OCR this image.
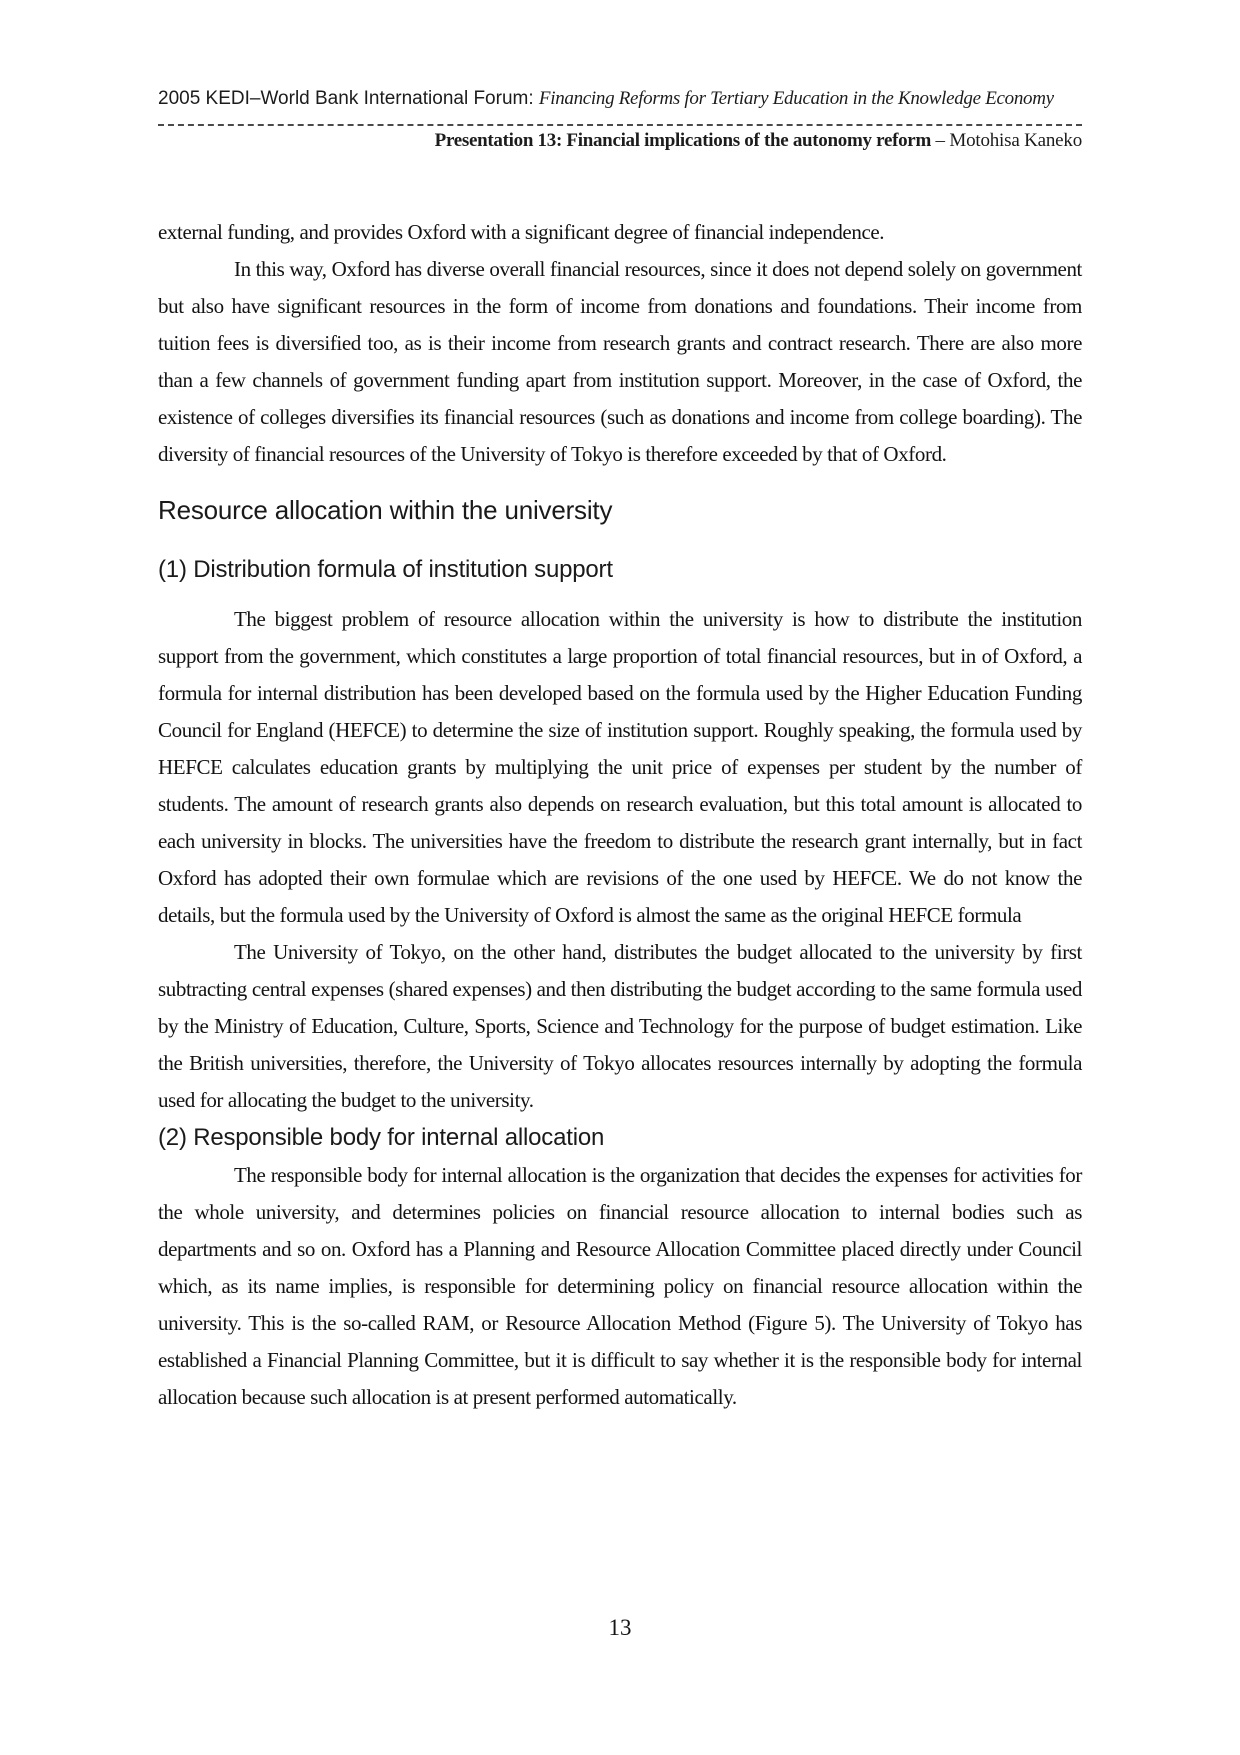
2005 KEDI–World Bank International Forum: Financing Reforms for Tertiary Education in the Knowledge Economy
Presentation 13: Financial implications of the autonomy reform – Motohisa Kaneko

external funding, and provides Oxford with a significant degree of financial independence.

In this way, Oxford has diverse overall financial resources, since it does not depend solely on government but also have significant resources in the form of income from donations and foundations. Their income from tuition fees is diversified too, as is their income from research grants and contract research. There are also more than a few channels of government funding apart from institution support. Moreover, in the case of Oxford, the existence of colleges diversifies its financial resources (such as donations and income from college boarding). The diversity of financial resources of the University of Tokyo is therefore exceeded by that of Oxford.

Resource allocation within the university
(1) Distribution formula of institution support

The biggest problem of resource allocation within the university is how to distribute the institution support from the government, which constitutes a large proportion of total financial resources, but in of Oxford, a formula for internal distribution has been developed based on the formula used by the Higher Education Funding Council for England (HEFCE) to determine the size of institution support. Roughly speaking, the formula used by HEFCE calculates education grants by multiplying the unit price of expenses per student by the number of students. The amount of research grants also depends on research evaluation, but this total amount is allocated to each university in blocks. The universities have the freedom to distribute the research grant internally, but in fact Oxford has adopted their own formulae which are revisions of the one used by HEFCE. We do not know the details, but the formula used by the University of Oxford is almost the same as the original HEFCE formula

The University of Tokyo, on the other hand, distributes the budget allocated to the university by first subtracting central expenses (shared expenses) and then distributing the budget according to the same formula used by the Ministry of Education, Culture, Sports, Science and Technology for the purpose of budget estimation. Like the British universities, therefore, the University of Tokyo allocates resources internally by adopting the formula used for allocating the budget to the university.

(2) Responsible body for internal allocation

The responsible body for internal allocation is the organization that decides the expenses for activities for the whole university, and determines policies on financial resource allocation to internal bodies such as departments and so on. Oxford has a Planning and Resource Allocation Committee placed directly under Council which, as its name implies, is responsible for determining policy on financial resource allocation within the university. This is the so-called RAM, or Resource Allocation Method (Figure 5). The University of Tokyo has established a Financial Planning Committee, but it is difficult to say whether it is the responsible body for internal allocation because such allocation is at present performed automatically.

13
